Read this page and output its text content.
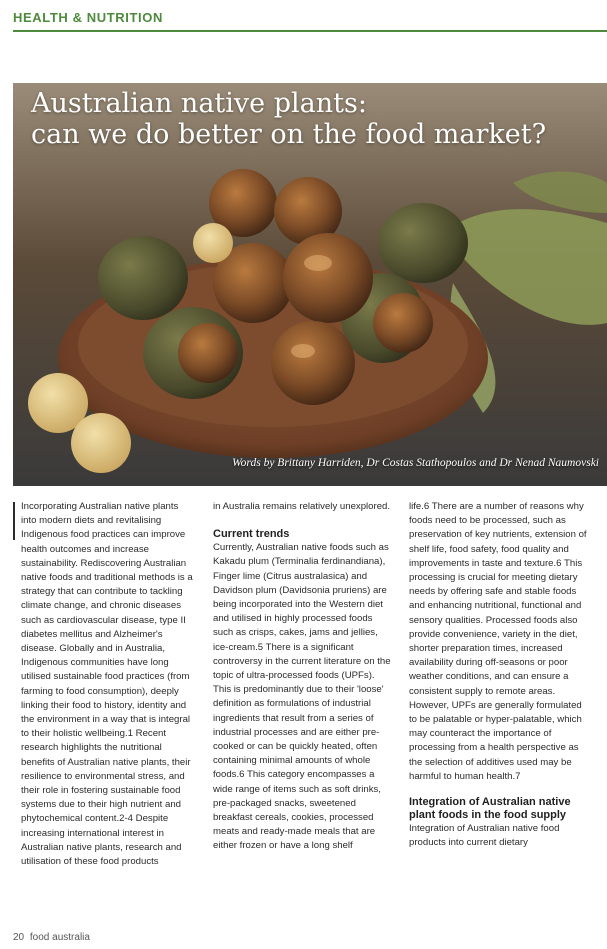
HEALTH & NUTRITION
Australian native plants:
can we do better on the food market?
Words by Brittany Harriden, Dr Costas Stathopoulos and Dr Nenad Naumovski

Incorporating Australian native plants into modern diets and revitalising Indigenous food practices can improve health outcomes and increase sustainability. Rediscovering Australian native foods and traditional methods is a strategy that can contribute to tackling climate change, and chronic diseases such as cardiovascular disease, type II diabetes mellitus and Alzheimer's disease. Globally and in Australia, Indigenous communities have long utilised sustainable food practices (from farming to food consumption), deeply linking their food to history, identity and the environment in a way that is integral to their holistic wellbeing.1 Recent research highlights the nutritional benefits of Australian native plants, their resilience to environmental stress, and their role in fostering sustainable food systems due to their high nutrient and phytochemical content.2-4 Despite increasing international interest in Australian native plants, research and utilisation of these food products

in Australia remains relatively unexplored.

Current trends

Currently, Australian native foods such as Kakadu plum (Terminalia ferdinandiana), Finger lime (Citrus australasica) and Davidson plum (Davidsonia pruriens) are being incorporated into the Western diet and utilised in highly processed foods such as crisps, cakes, jams and jellies, ice-cream.5 There is a significant controversy in the current literature on the topic of ultra-processed foods (UPFs). This is predominantly due to their 'loose' definition as formulations of industrial ingredients that result from a series of industrial processes and are either pre-cooked or can be quickly heated, often containing minimal amounts of whole foods.6 This category encompasses a wide range of items such as soft drinks, pre-packaged snacks, sweetened breakfast cereals, cookies, processed meats and ready-made meals that are either frozen or have a long shelf

life.6 There are a number of reasons why foods need to be processed, such as preservation of key nutrients, extension of shelf life, food safety, food quality and improvements in taste and texture.6 This processing is crucial for meeting dietary needs by offering safe and stable foods and enhancing nutritional, functional and sensory qualities. Processed foods also provide convenience, variety in the diet, shorter preparation times, increased availability during off-seasons or poor weather conditions, and can ensure a consistent supply to remote areas. However, UPFs are generally formulated to be palatable or hyper-palatable, which may counteract the importance of processing from a health perspective as the selection of additives used may be harmful to human health.7

Integration of Australian native plant foods in the food supply

Integration of Australian native food products into current dietary

20 food australia
